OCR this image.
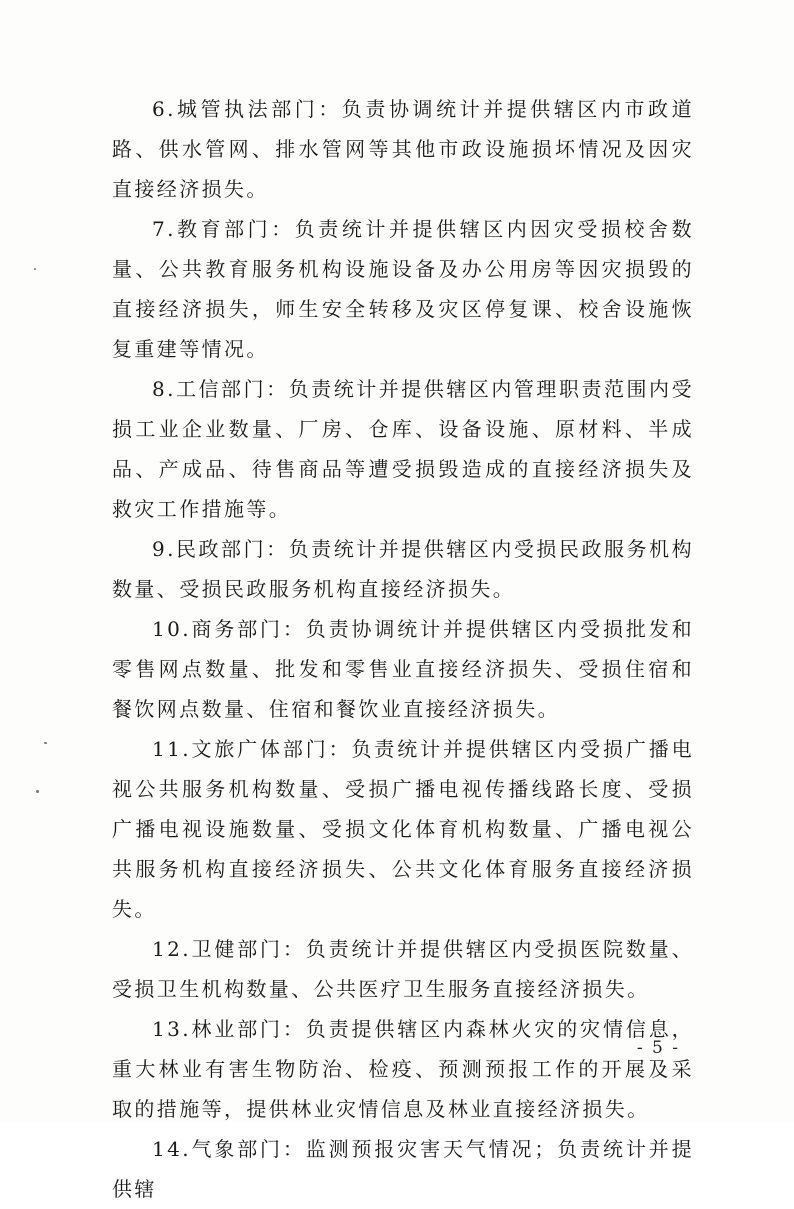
6.城管执法部门：负责协调统计并提供辖区内市政道路、供水管网、排水管网等其他市政设施损坏情况及因灾直接经济损失。

7.教育部门：负责统计并提供辖区内因灾受损校舍数量、公共教育服务机构设施设备及办公用房等因灾损毁的直接经济损失，师生安全转移及灾区停复课、校舍设施恢复重建等情况。

8.工信部门：负责统计并提供辖区内管理职责范围内受损工业企业数量、厂房、仓库、设备设施、原材料、半成品、产成品、待售商品等遭受损毁造成的直接经济损失及救灾工作措施等。

9.民政部门：负责统计并提供辖区内受损民政服务机构数量、受损民政服务机构直接经济损失。

10.商务部门：负责协调统计并提供辖区内受损批发和零售网点数量、批发和零售业直接经济损失、受损住宿和餐饮网点数量、住宿和餐饮业直接经济损失。

11.文旅广体部门：负责统计并提供辖区内受损广播电视公共服务机构数量、受损广播电视传播线路长度、受损广播电视设施数量、受损文化体育机构数量、广播电视公共服务机构直接经济损失、公共文化体育服务直接经济损失。

12.卫健部门：负责统计并提供辖区内受损医院数量、受损卫生机构数量、公共医疗卫生服务直接经济损失。

13.林业部门：负责提供辖区内森林火灾的灾情信息，重大林业有害生物防治、检疫、预测预报工作的开展及采取的措施等，提供林业灾情信息及林业直接经济损失。

14.气象部门：监测预报灾害天气情况；负责统计并提供辖

- 5 -
